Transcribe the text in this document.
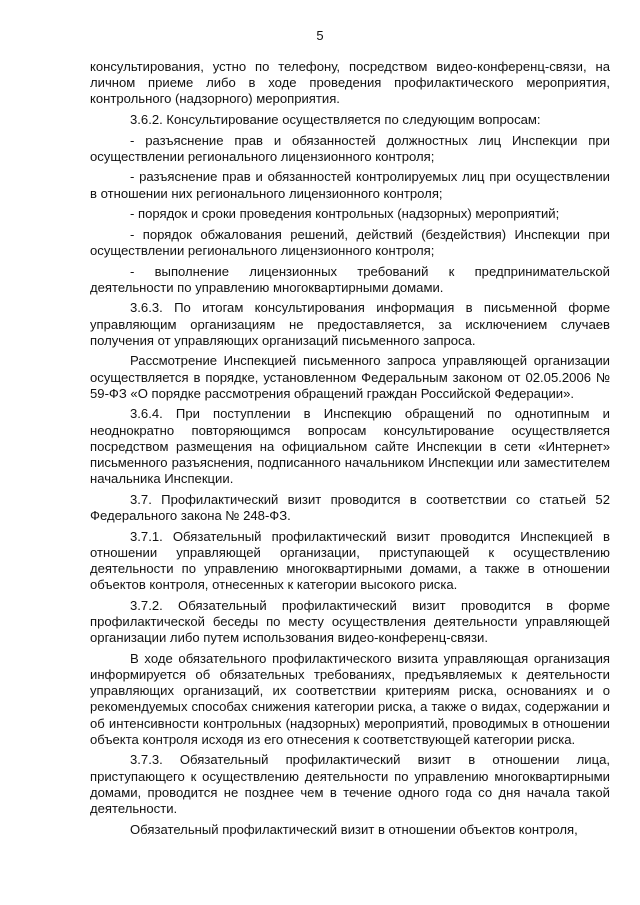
5

консультирования, устно по телефону, посредством видео-конференц-связи, на личном приеме либо в ходе проведения профилактического мероприятия, контрольного (надзорного) мероприятия.

3.6.2. Консультирование осуществляется по следующим вопросам:

- разъяснение прав и обязанностей должностных лиц Инспекции при осуществлении регионального лицензионного контроля;

- разъяснение прав и обязанностей контролируемых лиц при осуществлении в отношении них регионального лицензионного контроля;

- порядок и сроки проведения контрольных (надзорных) мероприятий;

- порядок обжалования решений, действий (бездействия) Инспекции при осуществлении регионального лицензионного контроля;

- выполнение лицензионных требований к предпринимательской деятельности по управлению многоквартирными домами.

3.6.3. По итогам консультирования информация в письменной форме управляющим организациям не предоставляется, за исключением случаев получения от управляющих организаций письменного запроса.

Рассмотрение Инспекцией письменного запроса управляющей организации осуществляется в порядке, установленном Федеральным законом от 02.05.2006 № 59-ФЗ «О порядке рассмотрения обращений граждан Российской Федерации».

3.6.4. При поступлении в Инспекцию обращений по однотипным и неоднократно повторяющимся вопросам консультирование осуществляется посредством размещения на официальном сайте Инспекции в сети «Интернет» письменного разъяснения, подписанного начальником Инспекции или заместителем начальника Инспекции.

3.7. Профилактический визит проводится в соответствии со статьей 52 Федерального закона № 248-ФЗ.

3.7.1. Обязательный профилактический визит проводится Инспекцией в отношении управляющей организации, приступающей к осуществлению деятельности по управлению многоквартирными домами, а также в отношении объектов контроля, отнесенных к категории высокого риска.

3.7.2. Обязательный профилактический визит проводится в форме профилактической беседы по месту осуществления деятельности управляющей организации либо путем использования видео-конференц-связи.

В ходе обязательного профилактического визита управляющая организация информируется об обязательных требованиях, предъявляемых к деятельности управляющих организаций, их соответствии критериям риска, основаниях и о рекомендуемых способах снижения категории риска, а также о видах, содержании и об интенсивности контрольных (надзорных) мероприятий, проводимых в отношении объекта контроля исходя из его отнесения к соответствующей категории риска.

3.7.3. Обязательный профилактический визит в отношении лица, приступающего к осуществлению деятельности по управлению многоквартирными домами, проводится не позднее чем в течение одного года со дня начала такой деятельности.

Обязательный профилактический визит в отношении объектов контроля,
